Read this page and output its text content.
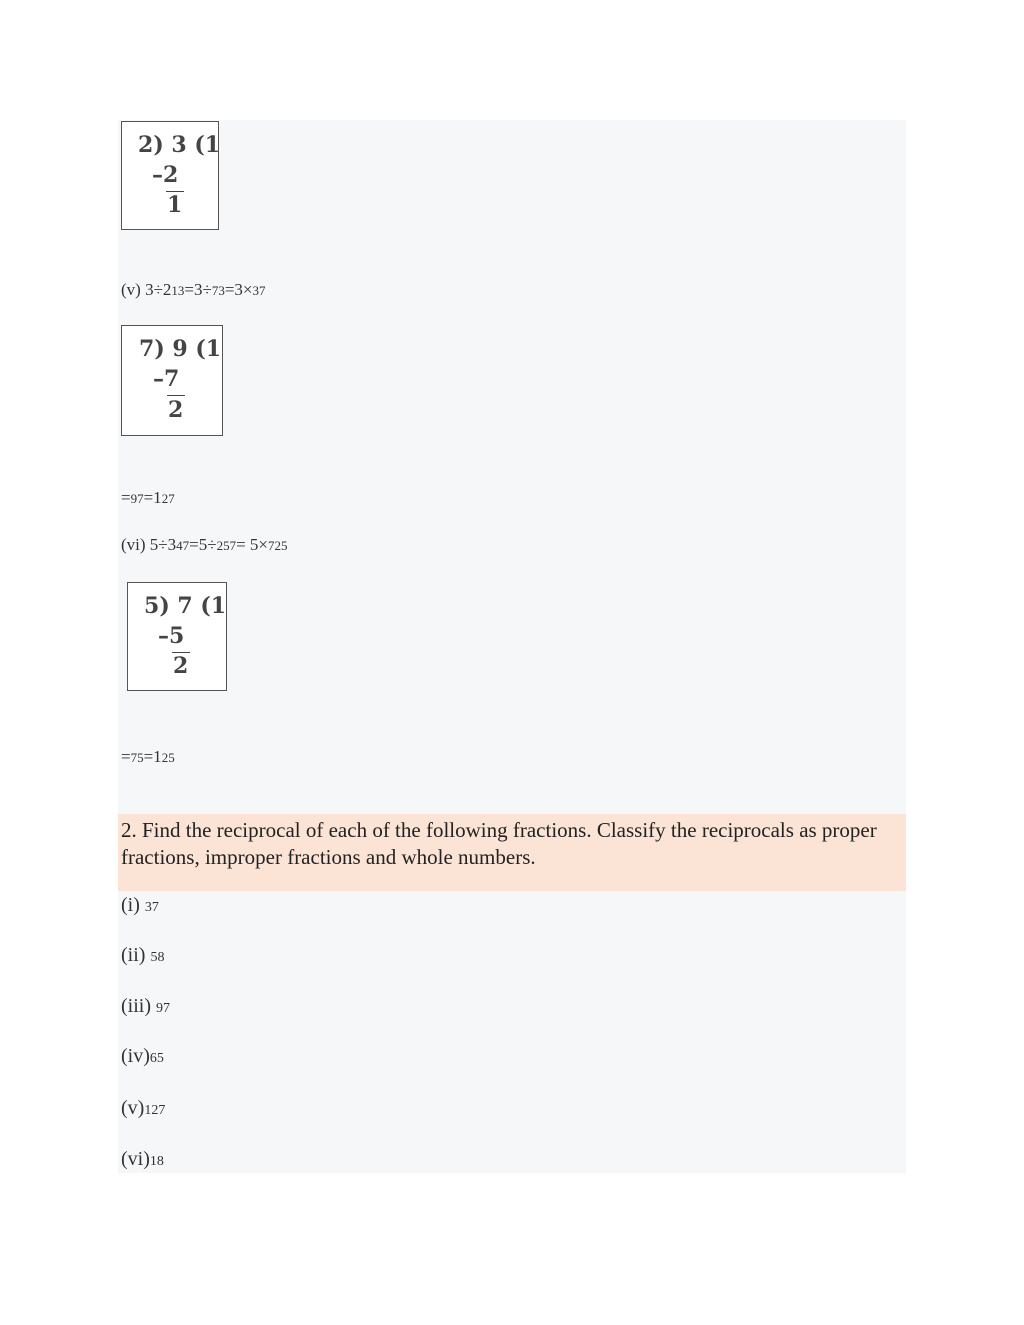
2) 3 (1
–2
1
(v) 3÷213=3÷73=3×37
7) 9 (1
–7
2
=97=127
(vi) 5÷347=5÷257= 5×725
5) 7 (1
–5
2
=75=125

2. Find the reciprocal of each of the following fractions. Classify the reciprocals as proper fractions, improper fractions and whole numbers.

(i) 37
(ii) 58
(iii) 97
(iv)65
(v)127
(vi)18
